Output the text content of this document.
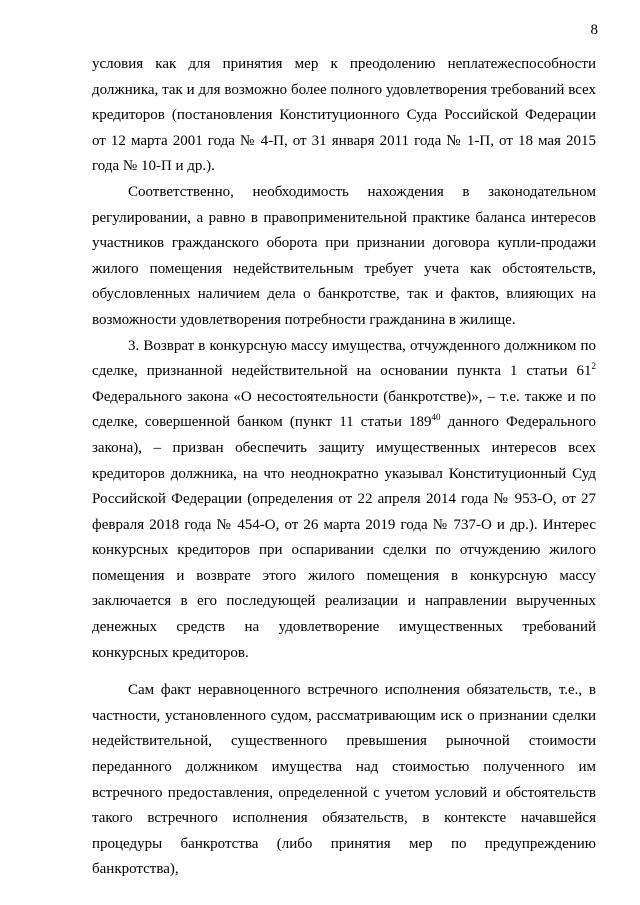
8

условия как для принятия мер к преодолению неплатежеспособности должника, так и для возможно более полного удовлетворения требований всех кредиторов (постановления Конституционного Суда Российской Федерации от 12 марта 2001 года № 4-П, от 31 января 2011 года № 1-П, от 18 мая 2015 года № 10-П и др.).

Соответственно, необходимость нахождения в законодательном регулировании, а равно в правоприменительной практике баланса интересов участников гражданского оборота при признании договора купли-продажи жилого помещения недействительным требует учета как обстоятельств, обусловленных наличием дела о банкротстве, так и фактов, влияющих на возможности удовлетворения потребности гражданина в жилище.

3. Возврат в конкурсную массу имущества, отчужденного должником по сделке, признанной недействительной на основании пункта 1 статьи $61^2$ Федерального закона «О несостоятельности (банкротстве)», – т.е. также и по сделке, совершенной банком (пункт 11 статьи $189^{40}$ данного Федерального закона), – призван обеспечить защиту имущественных интересов всех кредиторов должника, на что неоднократно указывал Конституционный Суд Российской Федерации (определения от 22 апреля 2014 года № 953-О, от 27 февраля 2018 года № 454-О, от 26 марта 2019 года № 737-О и др.). Интерес конкурсных кредиторов при оспаривании сделки по отчуждению жилого помещения и возврате этого жилого помещения в конкурсную массу заключается в его последующей реализации и направлении вырученных денежных средств на удовлетворение имущественных требований конкурсных кредиторов.

Сам факт неравноценного встречного исполнения обязательств, т.е., в частности, установленного судом, рассматривающим иск о признании сделки недействительной, существенного превышения рыночной стоимости переданного должником имущества над стоимостью полученного им встречного предоставления, определенной с учетом условий и обстоятельств такого встречного исполнения обязательств, в контексте начавшейся процедуры банкротства (либо принятия мер по предупреждению банкротства),
